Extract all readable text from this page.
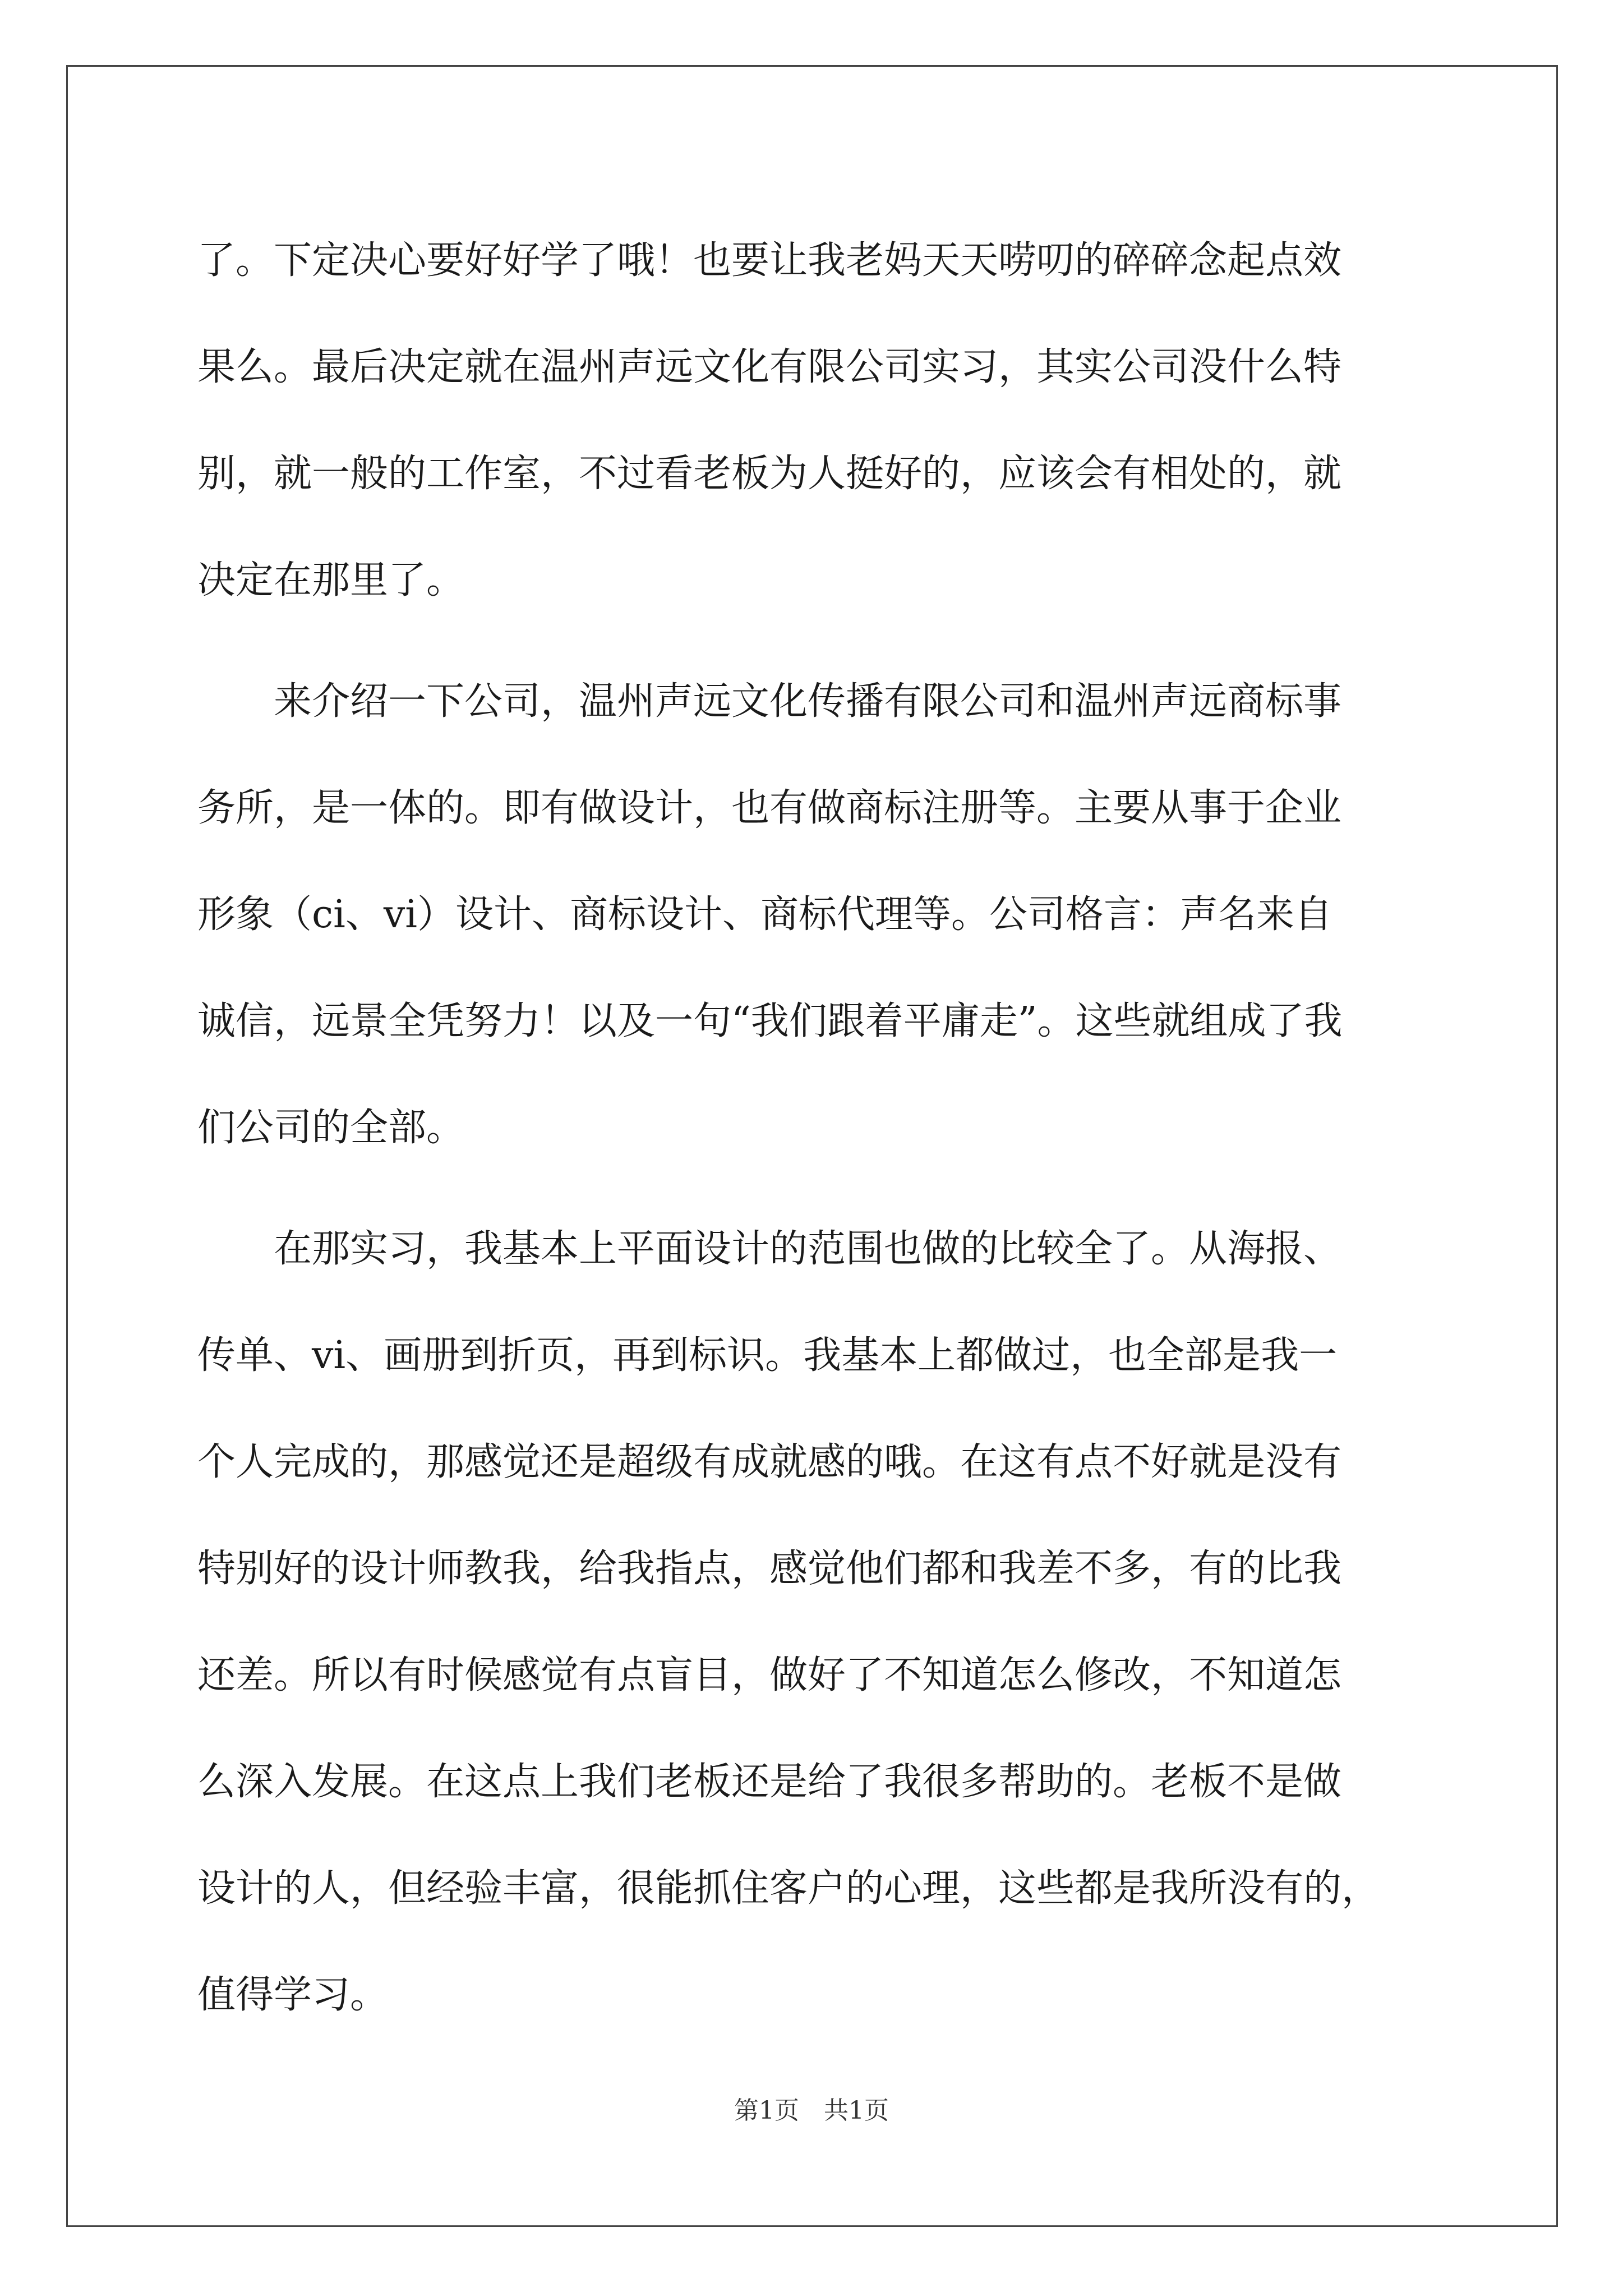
了。下定决心要好好学了哦！也要让我老妈天天唠叨的碎碎念起点效
果么。最后决定就在温州声远文化有限公司实习，其实公司没什么特
别，就一般的工作室，不过看老板为人挺好的，应该会有相处的，就
决定在那里了。
　　来介绍一下公司，温州声远文化传播有限公司和温州声远商标事
务所，是一体的。即有做设计，也有做商标注册等。主要从事于企业
形象（ci、vi）设计、商标设计、商标代理等。公司格言：声名来自
诚信，远景全凭努力！以及一句“我们跟着平庸走”。这些就组成了我
们公司的全部。
　　在那实习，我基本上平面设计的范围也做的比较全了。从海报、
传单、vi、画册到折页，再到标识。我基本上都做过，也全部是我一
个人完成的，那感觉还是超级有成就感的哦。在这有点不好就是没有
特别好的设计师教我，给我指点，感觉他们都和我差不多，有的比我
还差。所以有时候感觉有点盲目，做好了不知道怎么修改，不知道怎
么深入发展。在这点上我们老板还是给了我很多帮助的。老板不是做
设计的人，但经验丰富，很能抓住客户的心理，这些都是我所没有的，
值得学习。
第1页　共1页
